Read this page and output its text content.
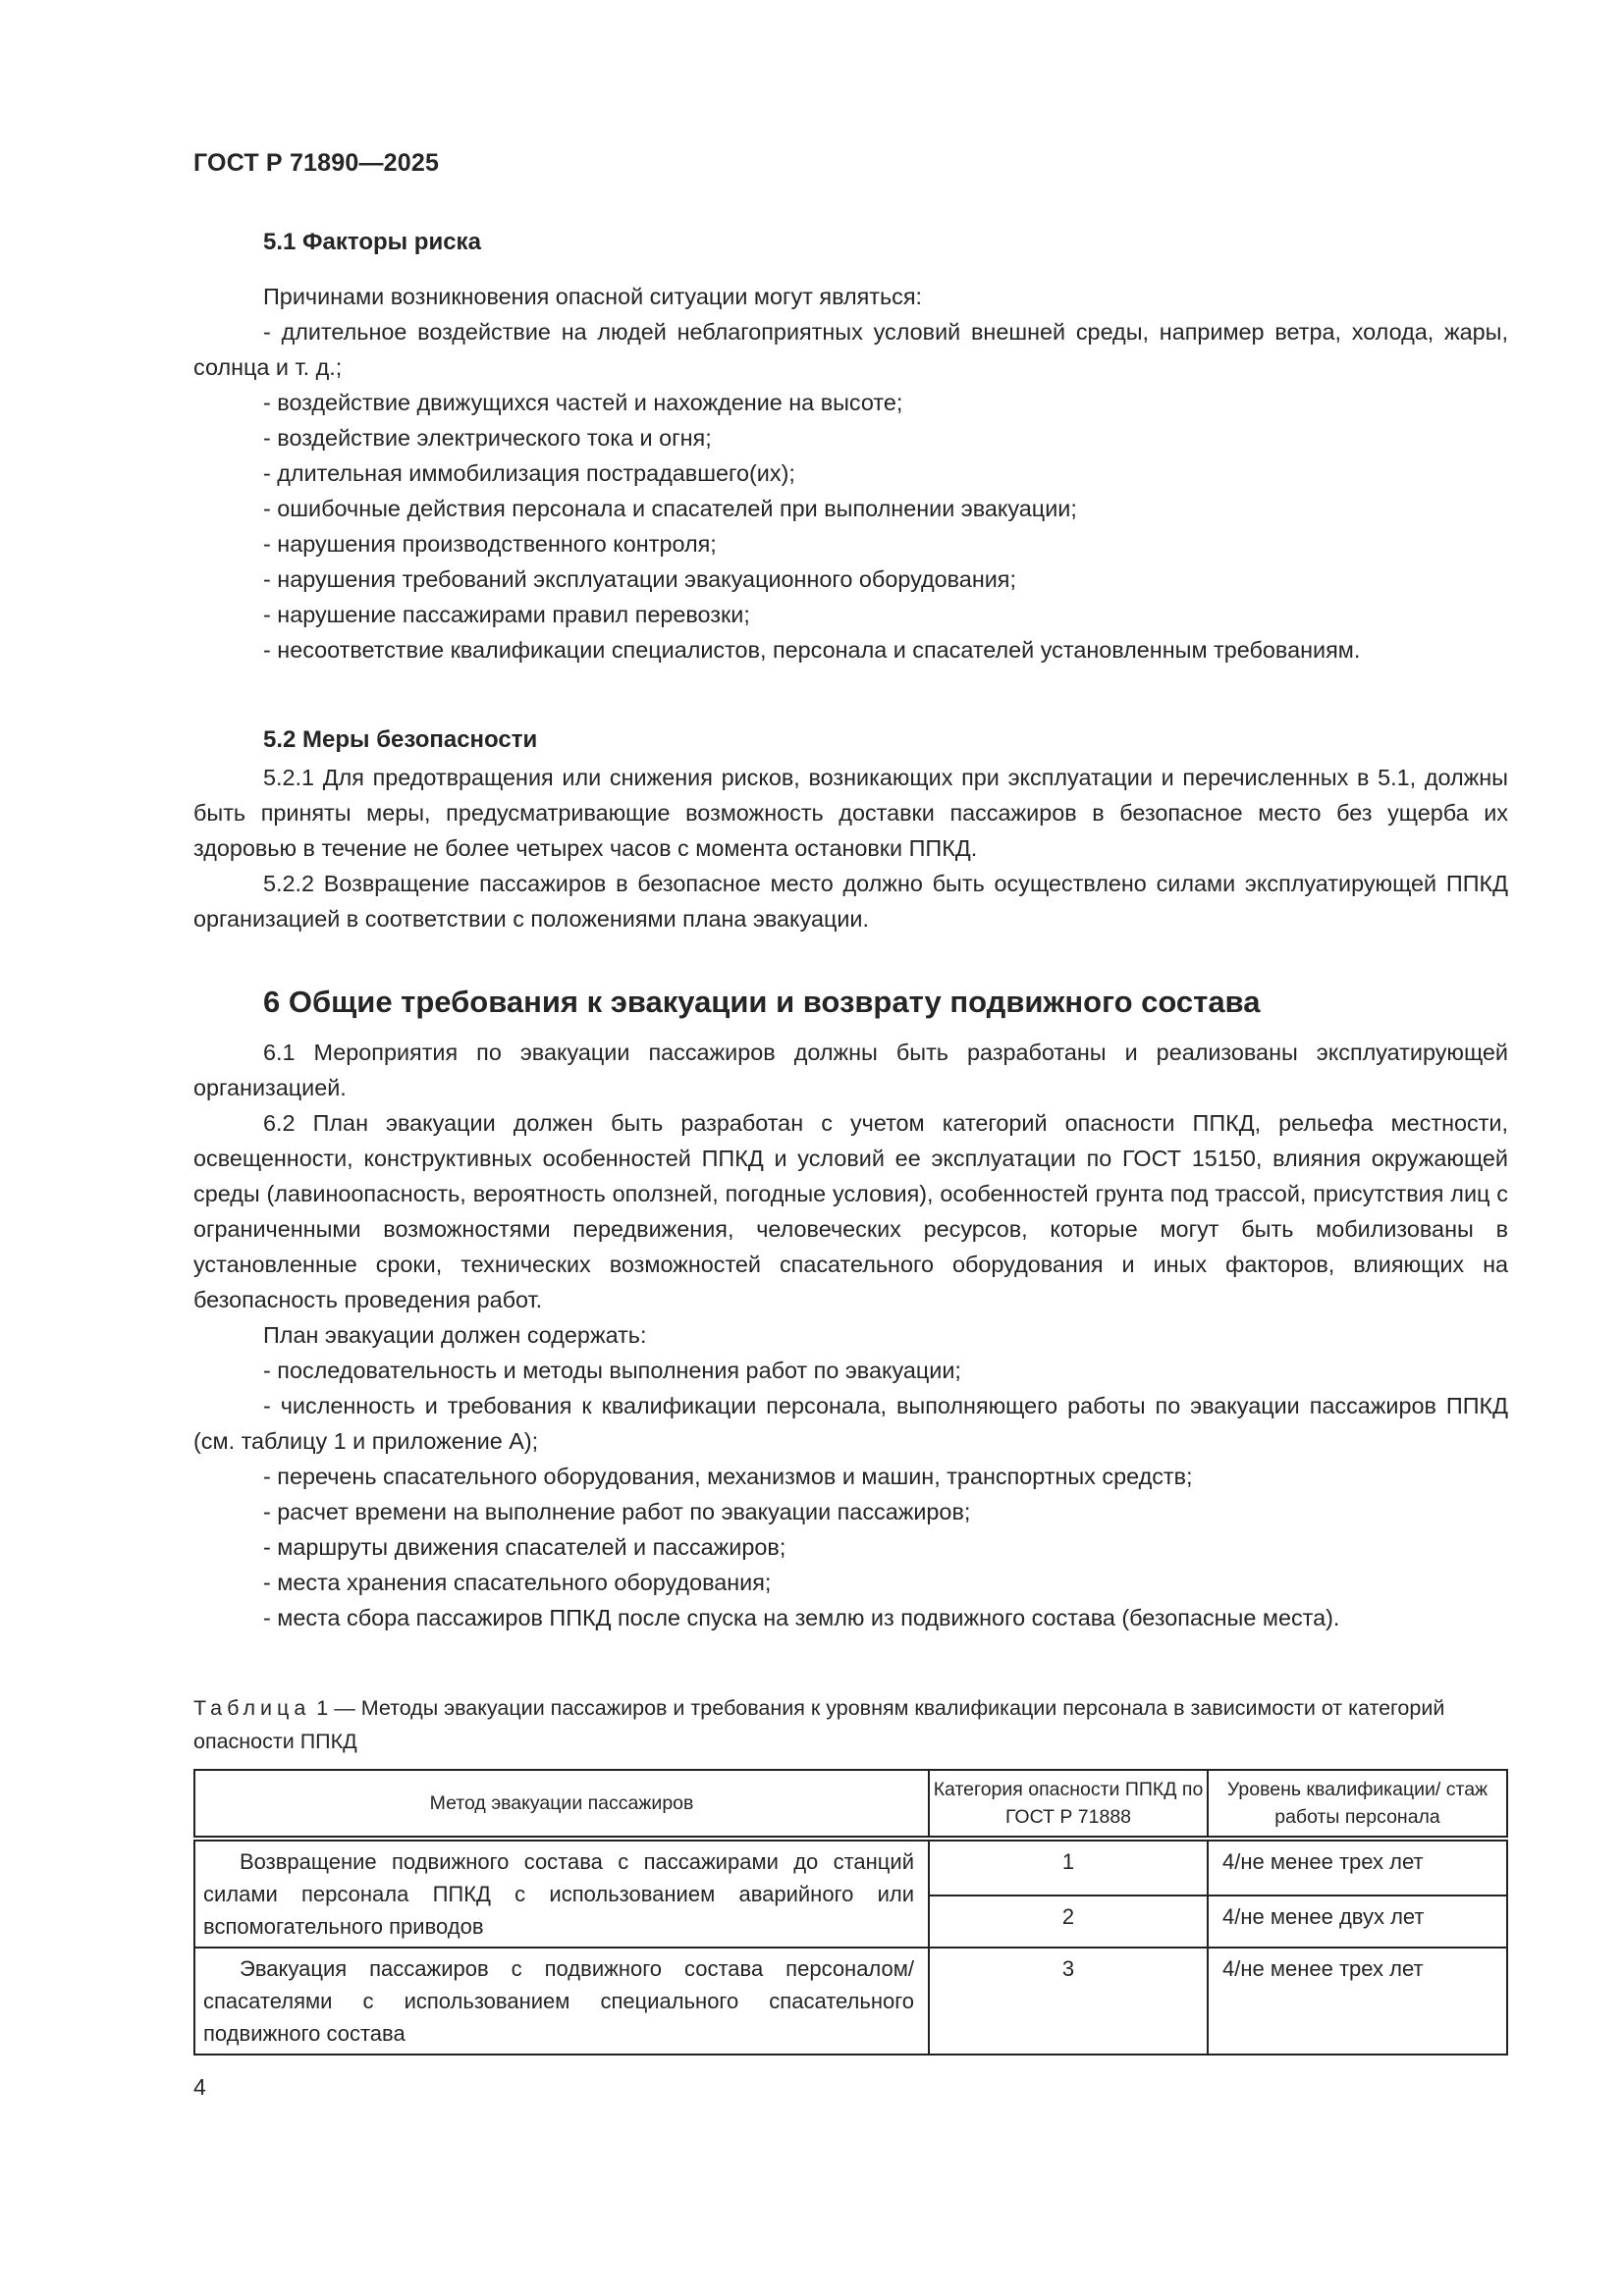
ГОСТ Р 71890—2025
5.1 Факторы риска

Причинами возникновения опасной ситуации могут являться:

- длительное воздействие на людей неблагоприятных условий внешней среды, например ветра, холода, жары, солнца и т. д.;

- воздействие движущихся частей и нахождение на высоте;

- воздействие электрического тока и огня;

- длительная иммобилизация пострадавшего(их);

- ошибочные действия персонала и спасателей при выполнении эвакуации;

- нарушения производственного контроля;

- нарушения требований эксплуатации эвакуационного оборудования;

- нарушение пассажирами правил перевозки;

- несоответствие квалификации специалистов, персонала и спасателей установленным требованиям.

5.2 Меры безопасности

5.2.1 Для предотвращения или снижения рисков, возникающих при эксплуатации и перечисленных в 5.1, должны быть приняты меры, предусматривающие возможность доставки пассажиров в безопасное место без ущерба их здоровью в течение не более четырех часов с момента остановки ППКД.

5.2.2 Возвращение пассажиров в безопасное место должно быть осуществлено силами эксплуатирующей ППКД организацией в соответствии с положениями плана эвакуации.

6 Общие требования к эвакуации и возврату подвижного состава

6.1 Мероприятия по эвакуации пассажиров должны быть разработаны и реализованы эксплуатирующей организацией.

6.2 План эвакуации должен быть разработан с учетом категорий опасности ППКД, рельефа местности, освещенности, конструктивных особенностей ППКД и условий ее эксплуатации по ГОСТ 15150, влияния окружающей среды (лавиноопасность, вероятность оползней, погодные условия), особенностей грунта под трассой, присутствия лиц с ограниченными возможностями передвижения, человеческих ресурсов, которые могут быть мобилизованы в установленные сроки, технических возможностей спасательного оборудования и иных факторов, влияющих на безопасность проведения работ.

План эвакуации должен содержать:

- последовательность и методы выполнения работ по эвакуации;

- численность и требования к квалификации персонала, выполняющего работы по эвакуации пассажиров ППКД (см. таблицу 1 и приложение А);

- перечень спасательного оборудования, механизмов и машин, транспортных средств;

- расчет времени на выполнение работ по эвакуации пассажиров;

- маршруты движения спасателей и пассажиров;

- места хранения спасательного оборудования;

- места сбора пассажиров ППКД после спуска на землю из подвижного состава (безопасные места).

Таблица 1 — Методы эвакуации пассажиров и требования к уровням квалификации персонала в зависимости от категорий опасности ППКД
Метод эвакуации пассажиров	Категория опасности ППКД по ГОСТ Р 71888	Уровень квалификации/ стаж работы персонала
Возвращение подвижного состава с пассажирами до станций силами персонала ППКД с использованием аварийного или вспомогательного приводов	1	4/не менее трех лет
	2	4/не менее двух лет
Эвакуация пассажиров с подвижного состава персоналом/ спасателями с использованием специального спасательного подвижного состава	3	4/не менее трех лет
4
